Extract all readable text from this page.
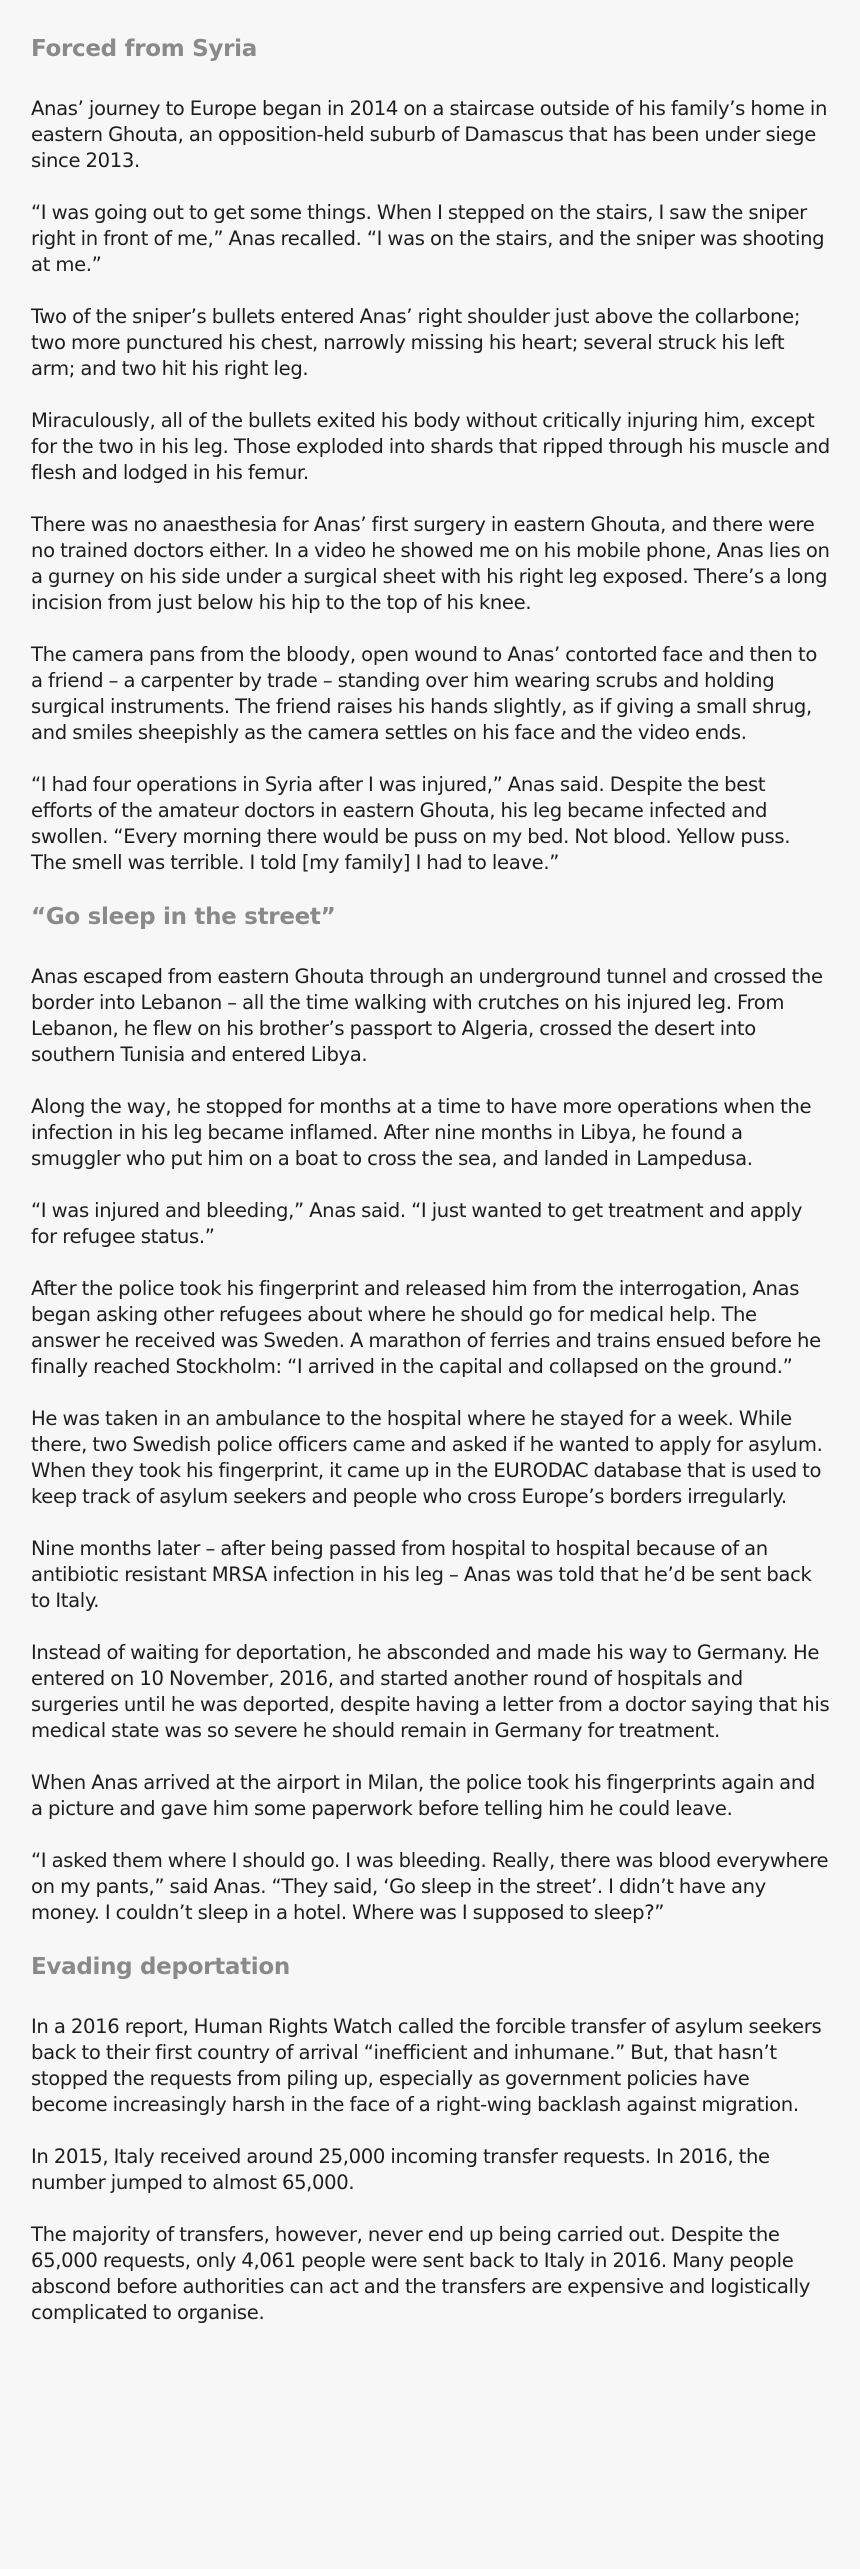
Forced from Syria

Anas’ journey to Europe began in 2014 on a staircase outside of his family’s home in eastern Ghouta, an opposition-held suburb of Damascus that has been under siege since 2013.

“I was going out to get some things. When I stepped on the stairs, I saw the sniper right in front of me,” Anas recalled. “I was on the stairs, and the sniper was shooting at me.”

Two of the sniper’s bullets entered Anas’ right shoulder just above the collarbone; two more punctured his chest, narrowly missing his heart; several struck his left arm; and two hit his right leg.

Miraculously, all of the bullets exited his body without critically injuring him, except for the two in his leg. Those exploded into shards that ripped through his muscle and flesh and lodged in his femur.

There was no anaesthesia for Anas’ first surgery in eastern Ghouta, and there were no trained doctors either. In a video he showed me on his mobile phone, Anas lies on a gurney on his side under a surgical sheet with his right leg exposed. There’s a long incision from just below his hip to the top of his knee.

The camera pans from the bloody, open wound to Anas’ contorted face and then to a friend – a carpenter by trade – standing over him wearing scrubs and holding surgical instruments. The friend raises his hands slightly, as if giving a small shrug, and smiles sheepishly as the camera settles on his face and the video ends.

“I had four operations in Syria after I was injured,” Anas said. Despite the best efforts of the amateur doctors in eastern Ghouta, his leg became infected and swollen. “Every morning there would be puss on my bed. Not blood. Yellow puss. The smell was terrible. I told [my family] I had to leave.”

“Go sleep in the street”

Anas escaped from eastern Ghouta through an underground tunnel and crossed the border into Lebanon – all the time walking with crutches on his injured leg. From Lebanon, he flew on his brother’s passport to Algeria, crossed the desert into southern Tunisia and entered Libya.

Along the way, he stopped for months at a time to have more operations when the infection in his leg became inflamed. After nine months in Libya, he found a smuggler who put him on a boat to cross the sea, and landed in Lampedusa.

“I was injured and bleeding,” Anas said. “I just wanted to get treatment and apply for refugee status.”

After the police took his fingerprint and released him from the interrogation, Anas began asking other refugees about where he should go for medical help. The answer he received was Sweden. A marathon of ferries and trains ensued before he finally reached Stockholm: “I arrived in the capital and collapsed on the ground.”

He was taken in an ambulance to the hospital where he stayed for a week. While there, two Swedish police officers came and asked if he wanted to apply for asylum. When they took his fingerprint, it came up in the EURODAC database that is used to keep track of asylum seekers and people who cross Europe’s borders irregularly.

Nine months later – after being passed from hospital to hospital because of an antibiotic resistant MRSA infection in his leg – Anas was told that he’d be sent back to Italy.

Instead of waiting for deportation, he absconded and made his way to Germany. He entered on 10 November, 2016, and started another round of hospitals and surgeries until he was deported, despite having a letter from a doctor saying that his medical state was so severe he should remain in Germany for treatment.

When Anas arrived at the airport in Milan, the police took his fingerprints again and a picture and gave him some paperwork before telling him he could leave.

“I asked them where I should go. I was bleeding. Really, there was blood everywhere on my pants,” said Anas. “They said, ‘Go sleep in the street’. I didn’t have any money. I couldn’t sleep in a hotel. Where was I supposed to sleep?”

Evading deportation

In a 2016 report, Human Rights Watch called the forcible transfer of asylum seekers back to their first country of arrival “inefficient and inhumane.” But, that hasn’t stopped the requests from piling up, especially as government policies have become increasingly harsh in the face of a right-wing backlash against migration.

In 2015, Italy received around 25,000 incoming transfer requests. In 2016, the number jumped to almost 65,000.

The majority of transfers, however, never end up being carried out. Despite the 65,000 requests, only 4,061 people were sent back to Italy in 2016. Many people abscond before authorities can act and the transfers are expensive and logistically complicated to organise.
